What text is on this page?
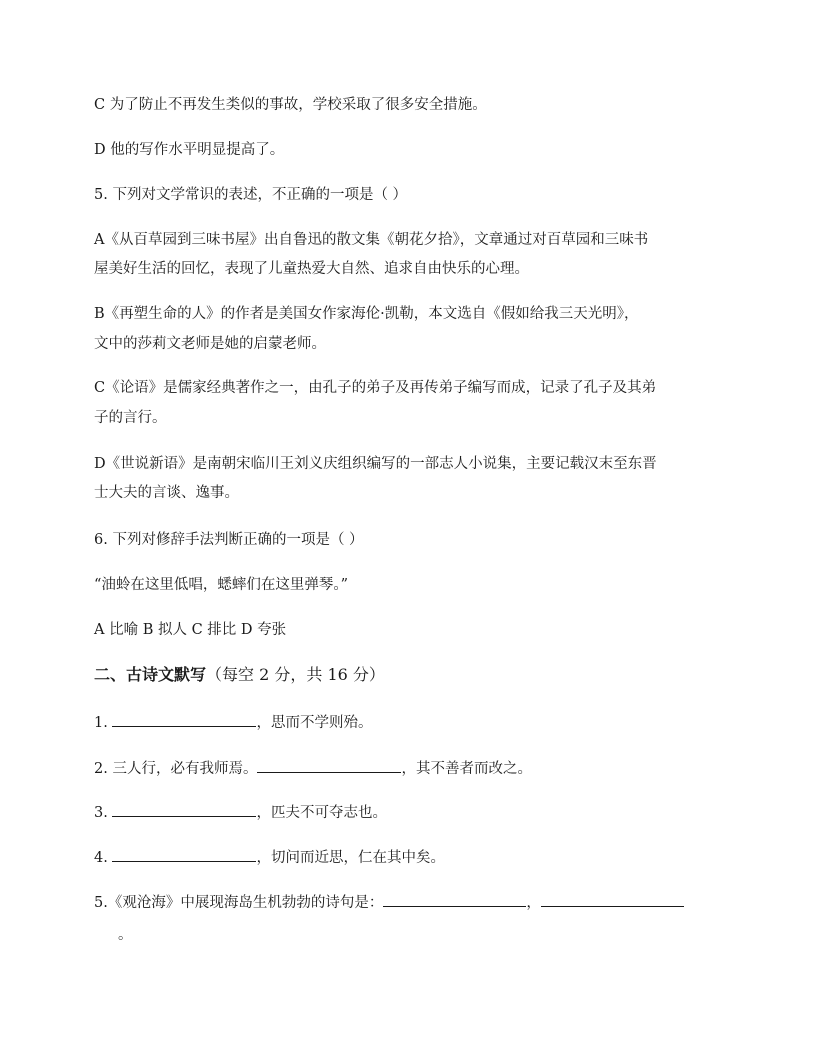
C 为了防止不再发生类似的事故，学校采取了很多安全措施。
D 他的写作水平明显提高了。
5. 下列对文学常识的表述，不正确的一项是（ ）
A《从百草园到三味书屋》出自鲁迅的散文集《朝花夕拾》，文章通过对百草园和三味书
屋美好生活的回忆，表现了儿童热爱大自然、追求自由快乐的心理。
B《再塑生命的人》的作者是美国女作家海伦·凯勒，本文选自《假如给我三天光明》，
文中的莎莉文老师是她的启蒙老师。
C《论语》是儒家经典著作之一，由孔子的弟子及再传弟子编写而成，记录了孔子及其弟
子的言行。
D《世说新语》是南朝宋临川王刘义庆组织编写的一部志人小说集，主要记载汉末至东晋
士大夫的言谈、逸事。
6. 下列对修辞手法判断正确的一项是（ ）
“油蛉在这里低唱，蟋蟀们在这里弹琴。”
A 比喻 B 拟人 C 排比 D 夸张
二、古诗文默写（每空 2 分，共 16 分）
1.	，思而不学则殆。
2. 三人行，必有我师焉。	，其不善者而改之。
3.	，匹夫不可夺志也。
4.	，切问而近思，仁在其中矣。
5.《观沧海》中展现海岛生机勃勃的诗句是：	，
。
